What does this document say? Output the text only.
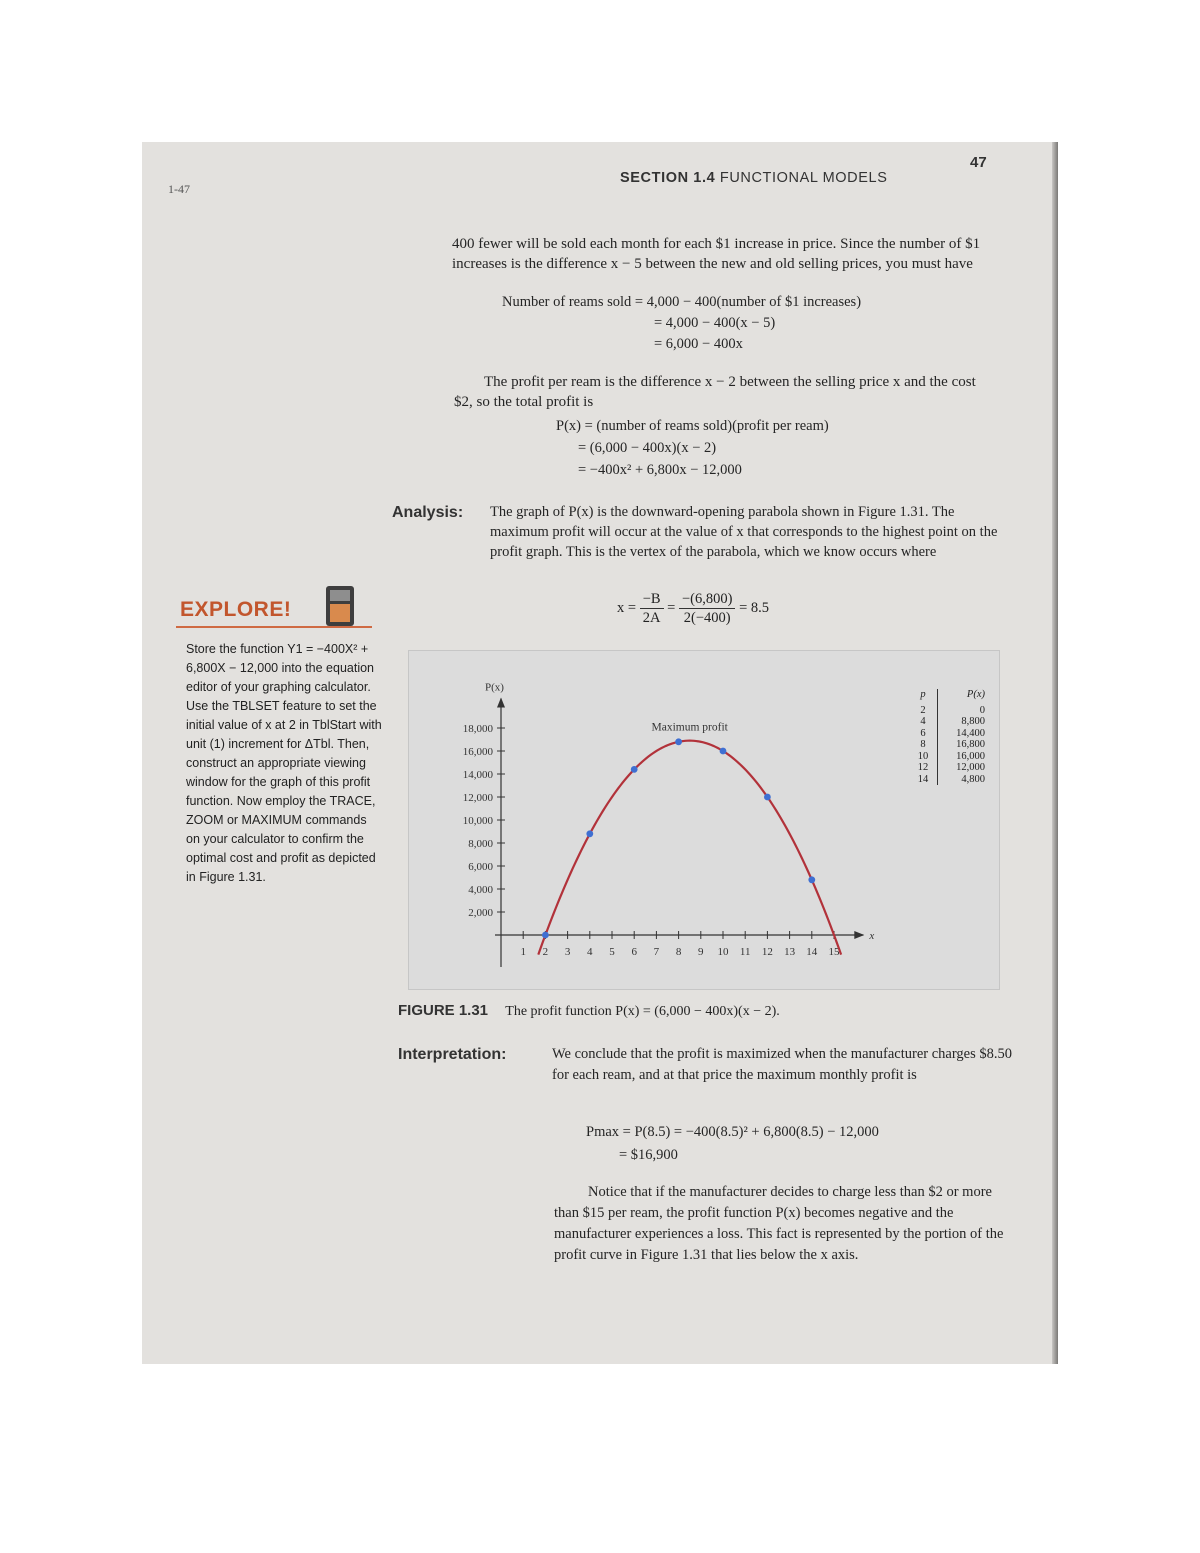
1-47
SECTION 1.4 FUNCTIONAL MODELS
47
400 fewer will be sold each month for each $1 increase in price. Since the number of $1 increases is the difference x − 5 between the new and old selling prices, you must have
Number of reams sold = 4,000 − 400(number of $1 increases)
= 4,000 − 400(x − 5)
= 6,000 − 400x
The profit per ream is the difference x − 2 between the selling price x and the cost $2, so the total profit is
P(x) = (number of reams sold)(profit per ream)
= (6,000 − 400x)(x − 2)
= −400x² + 6,800x − 12,000
Analysis: The graph of P(x) is the downward-opening parabola shown in Figure 1.31. The maximum profit will occur at the value of x that corresponds to the highest point on the profit graph. This is the vertex of the parabola, which we know occurs where
$x = \frac{-B}{2A} = \frac{-(6,800)}{2(-400)} = 8.5$
EXPLORE!
Store the function Y1 = −400X² + 6,800X − 12,000 into the equation editor of your graphing calculator. Use the TBLSET feature to set the initial value of x at 2 in TblStart with unit (1) increment for ΔTbl. Then, construct an appropriate viewing window for the graph of this profit function. Now employ the TRACE, ZOOM or MAXIMUM commands on your calculator to confirm the optimal cost and profit as depicted in Figure 1.31.
P(x)
x
2,000
4,000
6,000
8,000
10,000
12,000
14,000
16,000
18,000
1 2 3 4 5 6 7 8 9 10 11 12 13 14 15
Maximum profit
p	P(x)
2	0
4	8,800
6	14,400
8	16,800
10	16,000
12	12,000
14	4,800
FIGURE 1.31 The profit function P(x) = (6,000 − 400x)(x − 2).
Interpretation:	We conclude that the profit is maximized when the manufacturer charges $8.50 for each ream, and at that price the maximum monthly profit is
Pmax = P(8.5) = −400(8.5)² + 6,800(8.5) − 12,000
= $16,900
Notice that if the manufacturer decides to charge less than $2 or more than $15 per ream, the profit function P(x) becomes negative and the manufacturer experiences a loss. This fact is represented by the portion of the profit curve in Figure 1.31 that lies below the x axis.
